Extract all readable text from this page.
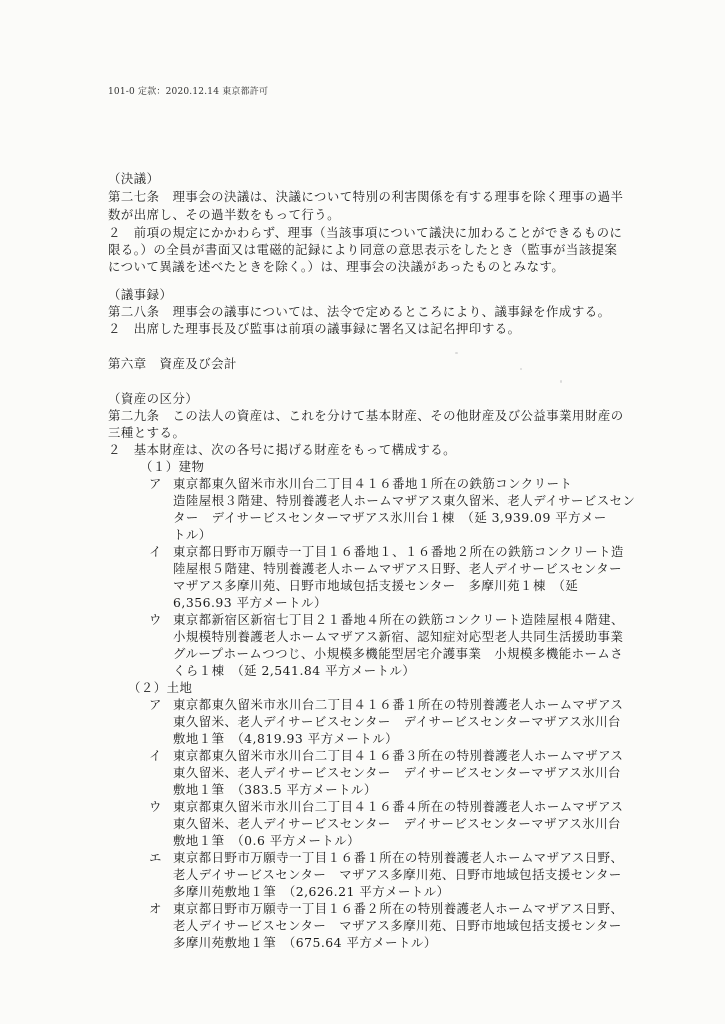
101-0 定款：2020.12.14 東京都許可
（決議）
第二七条　理事会の決議は、決議について特別の利害関係を有する理事を除く理事の過半
数が出席し、その過半数をもって行う。
２　前項の規定にかかわらず、理事（当該事項について議決に加わることができるものに
限る。）の全員が書面又は電磁的記録により同意の意思表示をしたとき（監事が当該提案
について異議を述べたときを除く。）は、理事会の決議があったものとみなす。
（議事録）
第二八条　理事会の議事については、法令で定めるところにより、議事録を作成する。
２　出席した理事長及び監事は前項の議事録に署名又は記名押印する。
第六章　資産及び会計
（資産の区分）
第二九条　この法人の資産は、これを分けて基本財産、その他財産及び公益事業用財産の
三種とする。
２　基本財産は、次の各号に掲げる財産をもって構成する。
（１）建物
ア 東京都東久留米市氷川台二丁目４１６番地１所在の鉄筋コンクリート
造陸屋根３階建、特別養護老人ホームマザアス東久留米、老人デイサービスセン
ター　デイサービスセンターマザアス氷川台１棟　（延 3,939.09 平方メー
トル）
イ 東京都日野市万願寺一丁目１６番地１、１６番地２所在の鉄筋コンクリート造
陸屋根５階建、特別養護老人ホームマザアス日野、老人デイサービスセンター
マザアス多摩川苑、日野市地域包括支援センター　多摩川苑１棟　（延
6,356.93 平方メートル）
ウ 東京都新宿区新宿七丁目２１番地４所在の鉄筋コンクリート造陸屋根４階建、
小規模特別養護老人ホームマザアス新宿、認知症対応型老人共同生活援助事業
グループホームつつじ、小規模多機能型居宅介護事業　小規模多機能ホームさ
くら１棟　（延 2,541.84 平方メートル）
（２）土地
ア 東京都東久留米市氷川台二丁目４１６番１所在の特別養護老人ホームマザアス
東久留米、老人デイサービスセンター　デイサービスセンターマザアス氷川台
敷地１筆　（4,819.93 平方メートル）
イ 東京都東久留米市氷川台二丁目４１６番３所在の特別養護老人ホームマザアス
東久留米、老人デイサービスセンター　デイサービスセンターマザアス氷川台
敷地１筆　（383.5 平方メートル）
ウ 東京都東久留米市氷川台二丁目４１６番４所在の特別養護老人ホームマザアス
東久留米、老人デイサービスセンター　デイサービスセンターマザアス氷川台
敷地１筆　（0.6 平方メートル）
エ 東京都日野市万願寺一丁目１６番１所在の特別養護老人ホームマザアス日野、
老人デイサービスセンター　マザアス多摩川苑、日野市地域包括支援センター
多摩川苑敷地１筆　（2,626.21 平方メートル）
オ 東京都日野市万願寺一丁目１６番２所在の特別養護老人ホームマザアス日野、
老人デイサービスセンター　マザアス多摩川苑、日野市地域包括支援センター
多摩川苑敷地１筆　（675.64 平方メートル）
